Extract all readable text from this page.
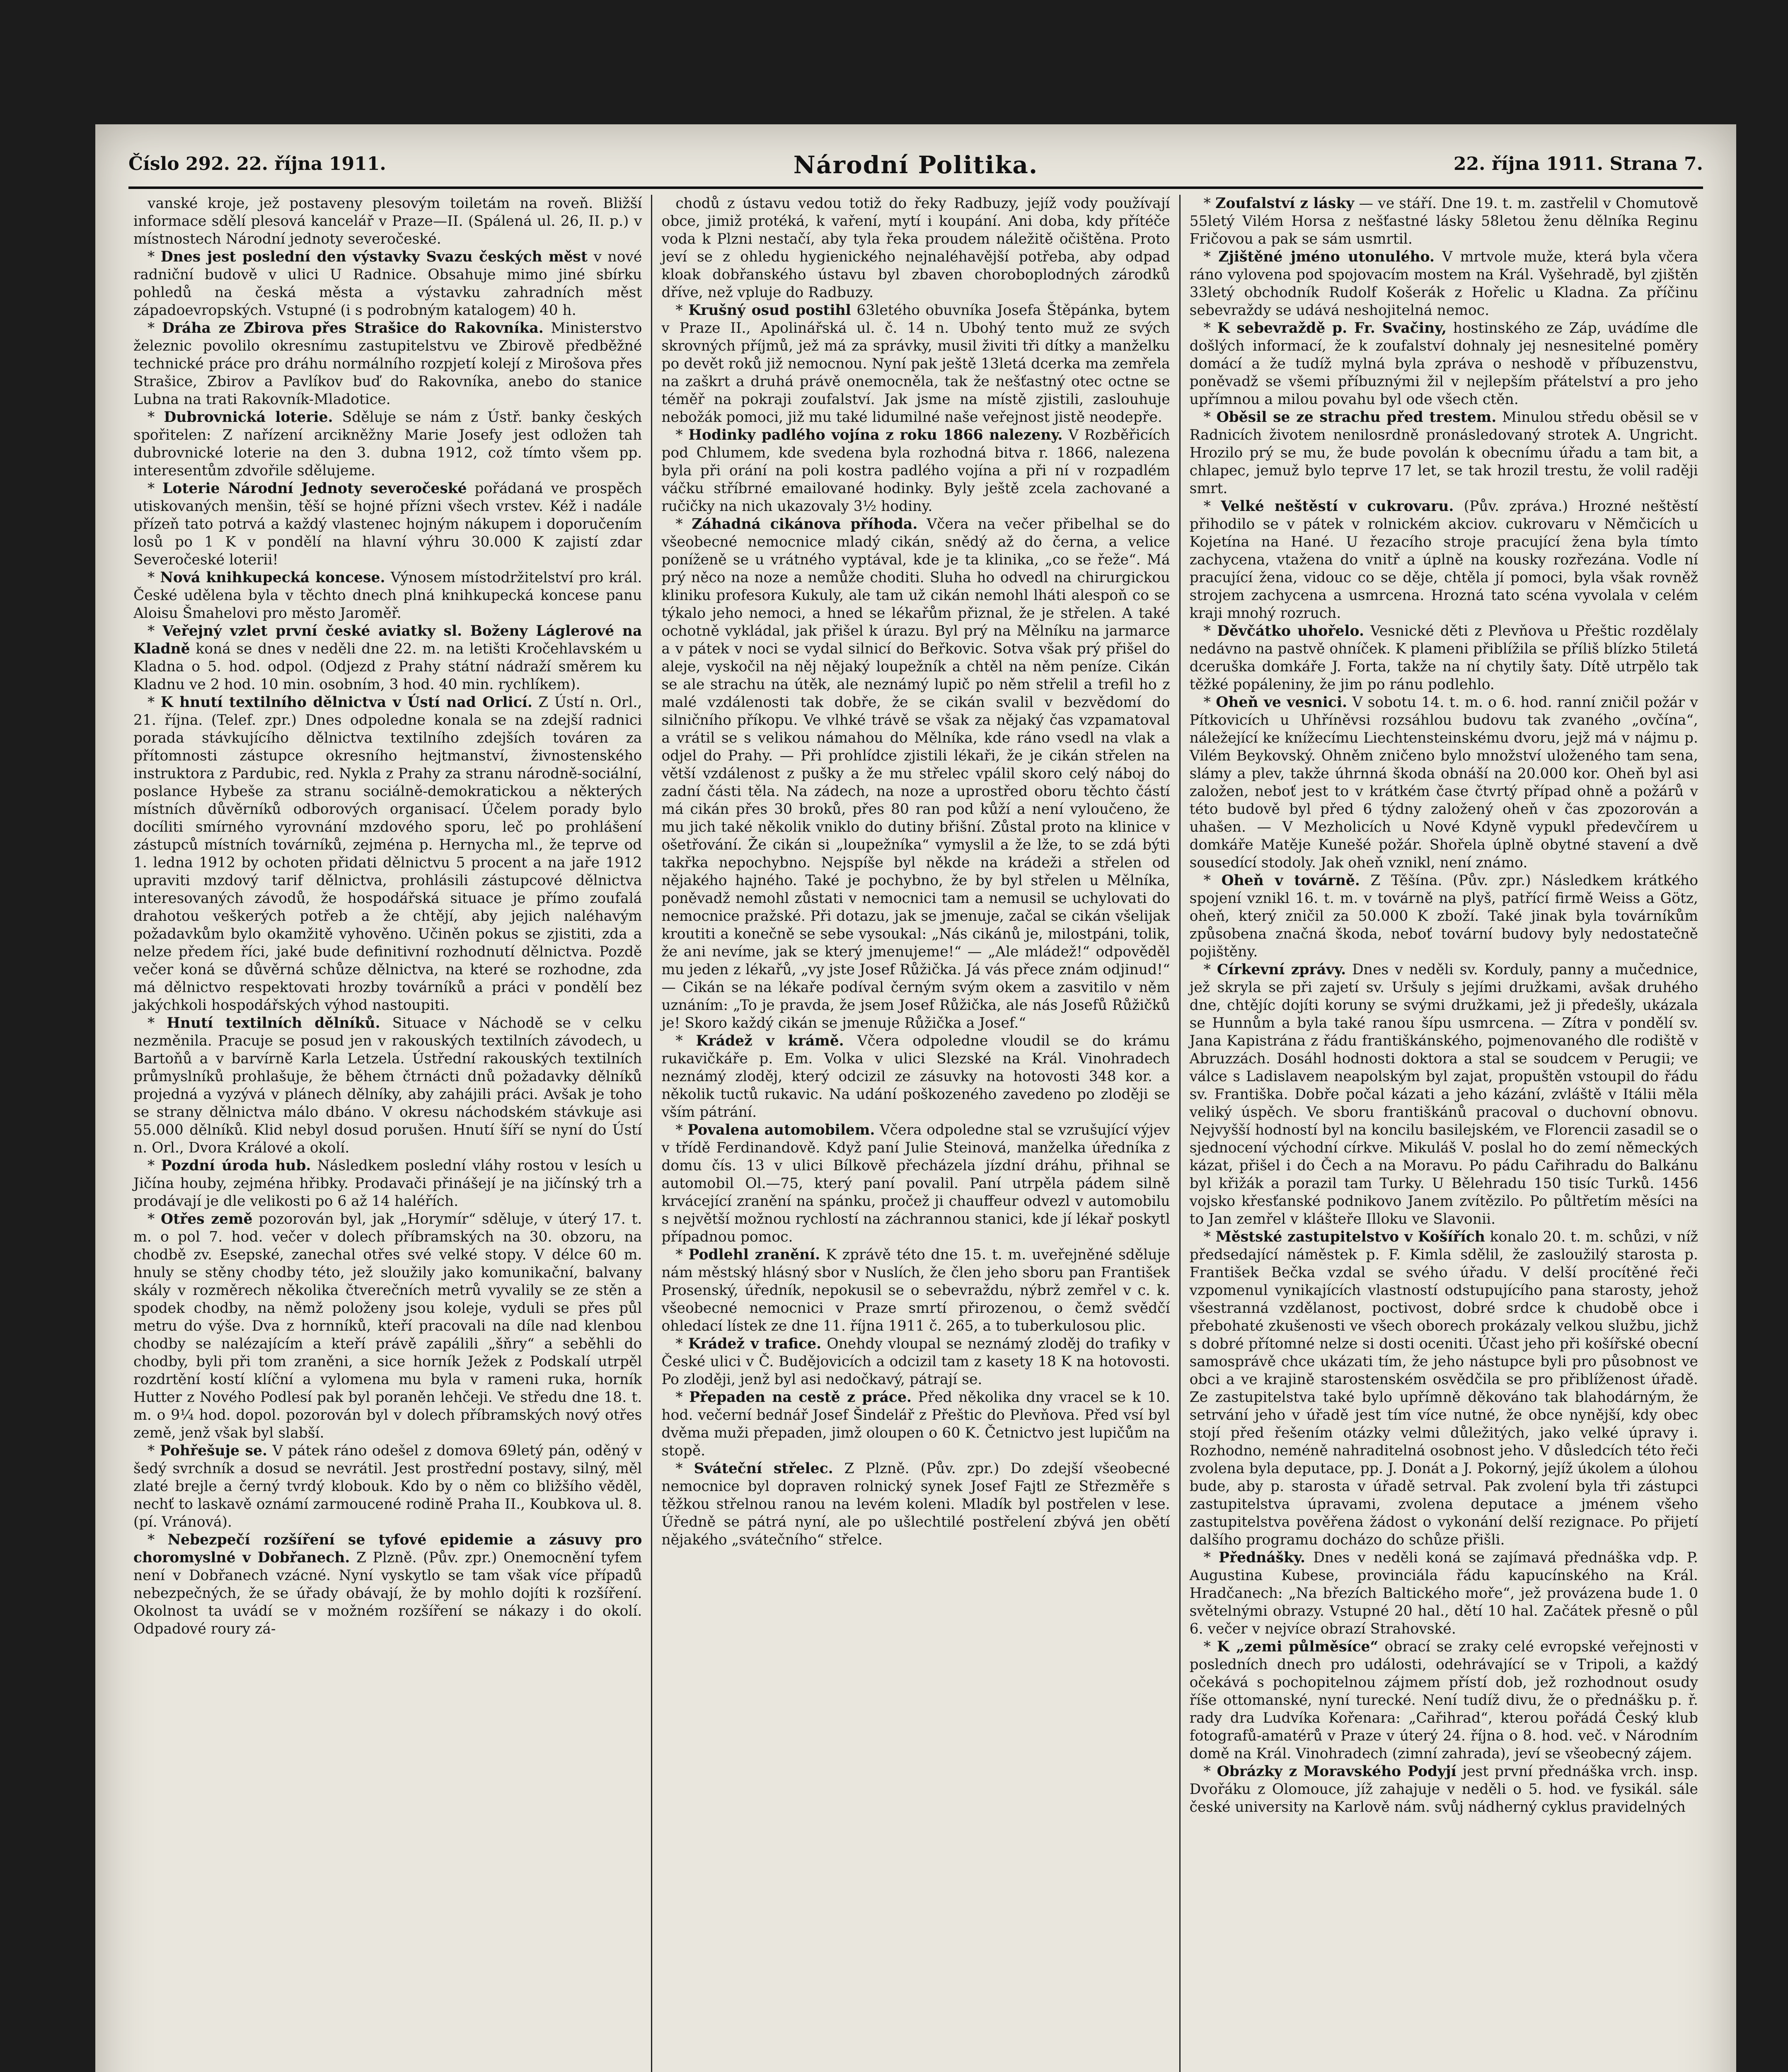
Číslo 292. 22. října 1911.	Národní Politika.	22. října 1911. Strana 7.

vanské kroje, jež postaveny plesovým toiletám na roveň. Bližší informace sdělí plesová kancelář v Praze—II. (Spálená ul. 26, II. p.) v místnostech Národní jednoty severočeské.

* Dnes jest poslední den výstavky Svazu českých měst v nové radniční budově v ulici U Radnice. Obsahuje mimo jiné sbírku pohledů na česká města a výstavku zahradních měst západoevropských. Vstupné (i s podrobným katalogem) 40 h.

* Dráha ze Zbirova přes Strašice do Rakovníka. Ministerstvo železnic povolilo okresnímu zastupitelstvu ve Zbirově předběžné technické práce pro dráhu normálního rozpjetí kolejí z Mirošova přes Strašice, Zbirov a Pavlíkov buď do Rakovníka, anebo do stanice Lubna na trati Rakovník-Mladotice.

* Dubrovnická loterie. Sděluje se nám z Ústř. banky českých spořitelen: Z nařízení arcikněžny Marie Josefy jest odložen tah dubrovnické loterie na den 3. dubna 1912, což tímto všem pp. interesentům zdvořile sdělujeme.

* Loterie Národní Jednoty severočeské pořádaná ve prospěch utiskovaných menšin, těší se hojné přízni všech vrstev. Kéž i nadále přízeň tato potrvá a každý vlastenec hojným nákupem i doporučením losů po 1 K v pondělí na hlavní výhru 30.000 K zajistí zdar Severočeské loterii!

* Nová knihkupecká koncese. Výnosem místodržitelství pro král. České udělena byla v těchto dnech plná knihkupecká koncese panu Aloisu Šmahelovi pro město Jaroměř.

* Veřejný vzlet první české aviatky sl. Boženy Láglerové na Kladně koná se dnes v neděli dne 22. m. na letišti Kročehlavském u Kladna o 5. hod. odpol. (Odjezd z Prahy státní nádraží směrem ku Kladnu ve 2 hod. 10 min. osobním, 3 hod. 40 min. rychlíkem).

* K hnutí textilního dělnictva v Ústí nad Orlicí. Z Ústí n. Orl., 21. října. (Telef. zpr.) Dnes odpoledne konala se na zdejší radnici porada stávkujícího dělnictva textilního zdejších továren za přítomnosti zástupce okresního hejtmanství, živnostenského instruktora z Pardubic, red. Nykla z Prahy za stranu národně-sociální, poslance Hybeše za stranu sociálně-demokratickou a některých místních důvěrníků odborových organisací. Účelem porady bylo docíliti smírného vyrovnání mzdového sporu, leč po prohlášení zástupců místních továrníků, zejména p. Hernycha ml., že teprve od 1. ledna 1912 by ochoten přidati dělnictvu 5 procent a na jaře 1912 upraviti mzdový tarif dělnictva, prohlásili zástupcové dělnictva interesovaných závodů, že hospodářská situace je přímo zoufalá drahotou veškerých potřeb a že chtějí, aby jejich naléhavým požadavkům bylo okamžitě vyhověno. Učiněn pokus se zjistiti, zda a nelze předem říci, jaké bude definitivní rozhodnutí dělnictva. Pozdě večer koná se důvěrná schůze dělnictva, na které se rozhodne, zda má dělnictvo respektovati hrozby továrníků a práci v pondělí bez jakýchkoli hospodářských výhod nastoupiti.

* Hnutí textilních dělníků. Situace v Náchodě se v celku nezměnila. Pracuje se posud jen v rakouských textilních závodech, u Bartoňů a v barvírně Karla Letzela. Ústřední rakouských textilních průmyslníků prohlašuje, že během čtrnácti dnů požadavky dělníků projedná a vyzývá v plánech dělníky, aby zahájili práci. Avšak je toho se strany dělnictva málo dbáno. V okresu náchodském stávkuje asi 55.000 dělníků. Klid nebyl dosud porušen. Hnutí šíří se nyní do Ústí n. Orl., Dvora Králové a okolí.

* Pozdní úroda hub. Následkem poslední vláhy rostou v lesích u Jičína houby, zejména hřibky. Prodavači přinášejí je na jičínský trh a prodávají je dle velikosti po 6 až 14 haléřích.

* Otřes země pozorován byl, jak „Horymír“ sděluje, v úterý 17. t. m. o pol 7. hod. večer v dolech příbramských na 30. obzoru, na chodbě zv. Esepské, zanechal otřes své velké stopy. V délce 60 m. hnuly se stěny chodby této, jež sloužily jako komunikační, balvany skály v rozměrech několika čtverečních metrů vyvalily se ze stěn a spodek chodby, na němž položeny jsou koleje, vyduli se přes půl metru do výše. Dva z hornníků, kteří pracovali na díle nad klenbou chodby se nalézajícím a kteří právě zapálili „šňry“ a seběhli do chodby, byli při tom zraněni, a sice horník Ježek z Podskalí utrpěl rozdrtění kostí klíční a vylomena mu byla v rameni ruka, horník Hutter z Nového Podlesí pak byl poraněn lehčeji. Ve středu dne 18. t. m. o 9¼ hod. dopol. pozorován byl v dolech příbramských nový otřes země, jenž však byl slabší.

* Pohřešuje se. V pátek ráno odešel z domova 69letý pán, oděný v šedý svrchník a dosud se nevrátil. Jest prostřední postavy, silný, měl zlaté brejle a černý tvrdý klobouk. Kdo by o něm co bližšího věděl, nechť to laskavě oznámí zarmoucené rodině Praha II., Koubkova ul. 8. (pí. Vránová).

* Nebezpečí rozšíření se tyfové epidemie a zásuvy pro choromyslné v Dobřanech. Z Plzně. (Pův. zpr.) Onemocnění tyfem není v Dobřanech vzácné. Nyní vyskytlo se tam však více případů nebezpečných, že se úřady obávají, že by mohlo dojíti k rozšíření. Okolnost ta uvádí se v možném rozšíření se nákazy i do okolí. Odpadové roury zá-

chodů z ústavu vedou totiž do řeky Radbuzy, jejíž vody používají obce, jimiž protéká, k vaření, mytí i koupání. Ani doba, kdy přítéče voda k Plzni nestačí, aby tyla řeka proudem náležitě očištěna. Proto jeví se z ohledu hygienického nejnaléhavější potřeba, aby odpad kloak dobřanského ústavu byl zbaven choroboplodných zárodků dříve, než vpluje do Radbuzy.

* Krušný osud postihl 63letého obuvníka Josefa Štěpánka, bytem v Praze II., Apolinářská ul. č. 14 n. Ubohý tento muž ze svých skrovných příjmů, jež má za správky, musil živiti tři dítky a manželku po devět roků již nemocnou. Nyní pak ještě 13letá dcerka ma zemřela na zaškrt a druhá právě onemocněla, tak že nešťastný otec octne se téměř na pokraji zoufalství. Jak jsme na místě zjistili, zaslouhuje nebožák pomoci, již mu také lidumilné naše veřejnost jistě neodepře.

* Hodinky padlého vojína z roku 1866 nalezeny. V Rozběřicích pod Chlumem, kde svedena byla rozhodná bitva r. 1866, nalezena byla při orání na poli kostra padlého vojína a při ní v rozpadlém váčku stříbrné emailované hodinky. Byly ještě zcela zachované a ručičky na nich ukazovaly 3½ hodiny.

* Záhadná cikánova příhoda. Včera na večer přibelhal se do všeobecné nemocnice mladý cikán, snědý až do černa, a velice poníženě se u vrátného vyptával, kde je ta klinika, „co se řeže“. Má prý něco na noze a nemůže choditi. Sluha ho odvedl na chirurgickou kliniku profesora Kukuly, ale tam už cikán nemohl lháti alespoň co se týkalo jeho nemoci, a hned se lékařům přiznal, že je střelen. A také ochotně vykládal, jak přišel k úrazu. Byl prý na Mělníku na jarmarce a v pátek v noci se vydal silnicí do Beřkovic. Sotva však prý přišel do aleje, vyskočil na něj nějaký loupežník a chtěl na něm peníze. Cikán se ale strachu na útěk, ale neznámý lupič po něm střelil a trefil ho z malé vzdálenosti tak dobře, že se cikán svalil v bezvědomí do silničního příkopu. Ve vlhké trávě se však za nějaký čas vzpamatoval a vrátil se s velikou námahou do Mělníka, kde ráno vsedl na vlak a odjel do Prahy. — Při prohlídce zjistili lékaři, že je cikán střelen na větší vzdálenost z pušky a že mu střelec vpálil skoro celý náboj do zadní části těla. Na zádech, na noze a uprostřed oboru těchto částí má cikán přes 30 broků, přes 80 ran pod kůží a není vyloučeno, že mu jich také několik vniklo do dutiny břišní. Zůstal proto na klinice v ošetřování. Že cikán si „loupežníka“ vymyslil a že lže, to se zdá býti takřka nepochybno. Nejspíše byl někde na krádeži a střelen od nějakého hajného. Také je pochybno, že by byl střelen u Mělníka, poněvadž nemohl zůstati v nemocnici tam a nemusil se uchylovati do nemocnice pražské. Při dotazu, jak se jmenuje, začal se cikán všelijak kroutiti a konečně se sebe vysoukal: „Nás cikánů je, milostpáni, tolik, že ani nevíme, jak se který jmenujeme!“ — „Ale mládež!“ odpověděl mu jeden z lékařů, „vy jste Josef Růžička. Já vás přece znám odjinud!“ — Cikán se na lékaře podíval černým svým okem a zasvitilo v něm uznáním: „To je pravda, že jsem Josef Růžička, ale nás Josefů Růžičků je! Skoro každý cikán se jmenuje Růžička a Josef.“

* Krádež v krámě. Včera odpoledne vloudil se do krámu rukavičkáře p. Em. Volka v ulici Slezské na Král. Vinohradech neznámý zloděj, který odcizil ze zásuvky na hotovosti 348 kor. a několik tuctů rukavic. Na udání poškozeného zavedeno po zloději se vším pátrání.

* Povalena automobilem. Včera odpoledne stal se vzrušující výjev v třídě Ferdinandově. Když paní Julie Steinová, manželka úředníka z domu čís. 13 v ulici Bílkově přecházela jízdní dráhu, přihnal se automobil Ol.—75, který paní povalil. Paní utrpěla pádem silně krvácející zranění na spánku, pročež ji chauffeur odvezl v automobilu s největší možnou rychlostí na záchrannou stanici, kde jí lékař poskytl případnou pomoc.

* Podlehl zranění. K zprávě této dne 15. t. m. uveřejněné sděluje nám městský hlásný sbor v Nuslích, že člen jeho sboru pan František Prosenský, úředník, nepokusil se o sebevraždu, nýbrž zemřel v c. k. všeobecné nemocnici v Praze smrtí přirozenou, o čemž svědčí ohledací lístek ze dne 11. října 1911 č. 265, a to tuberkulosou plic.

* Krádež v trafice. Onehdy vloupal se neznámý zloděj do trafiky v České ulici v Č. Budějovicích a odcizil tam z kasety 18 K na hotovosti. Po zloději, jenž byl asi nedočkavý, pátrají se.

* Přepaden na cestě z práce. Před několika dny vracel se k 10. hod. večerní bednář Josef Šindelář z Přeštic do Plevňova. Před vsí byl dvěma muži přepaden, jimž oloupen o 60 K. Četnictvo jest lupičům na stopě.

* Sváteční střelec. Z Plzně. (Pův. zpr.) Do zdejší všeobecné nemocnice byl dopraven rolnický synek Josef Fajtl ze Střezměře s těžkou střelnou ranou na levém koleni. Mladík byl postřelen v lese. Úředně se pátrá nyní, ale po ušlechtilé postřelení zbývá jen obětí nějakého „svátečního“ střelce.

* Zoufalství z lásky — ve stáří. Dne 19. t. m. zastřelil v Chomutově 55letý Vilém Horsa z nešťastné lásky 58letou ženu dělníka Reginu Fričovou a pak se sám usmrtil.

* Zjištěné jméno utonulého. V mrtvole muže, která byla včera ráno vylovena pod spojovacím mostem na Král. Vyšehradě, byl zjištěn 33letý obchodník Rudolf Košerák z Hořelic u Kladna. Za příčinu sebevraždy se udává neshojitelná nemoc.

* K sebevraždě p. Fr. Svačiny, hostinského ze Záp, uvádíme dle došlých informací, že k zoufalství dohnaly jej nesnesitelné poměry domácí a že tudíž mylná byla zpráva o neshodě v příbuzenstvu, poněvadž se všemi příbuznými žil v nejlepším přátelství a pro jeho upřímnou a milou povahu byl ode všech ctěn.

* Oběsil se ze strachu před trestem. Minulou středu oběsil se v Radnicích životem nenilosrdně pronásledovaný strotek A. Ungricht. Hrozilo prý se mu, že bude povolán k obecnímu úřadu a tam bit, a chlapec, jemuž bylo teprve 17 let, se tak hrozil trestu, že volil raději smrt.

* Velké neštěstí v cukrovaru. (Pův. zpráva.) Hrozné neštěstí přihodilo se v pátek v rolnickém akciov. cukrovaru v Němčicích u Kojetína na Hané. U řezacího stroje pracující žena byla tímto zachycena, vtažena do vnitř a úplně na kousky rozřezána. Vodle ní pracující žena, vidouc co se děje, chtěla jí pomoci, byla však rovněž strojem zachycena a usmrcena. Hrozná tato scéna vyvolala v celém kraji mnohý rozruch.

* Děvčátko uhořelo. Vesnické děti z Plevňova u Přeštic rozdělaly nedávno na pastvě ohníček. K plameni přiblížila se příliš blízko 5tiletá dceruška domkáře J. Forta, takže na ní chytily šaty. Dítě utrpělo tak těžké popáleniny, že jim po ránu podlehlo.

* Oheň ve vesnici. V sobotu 14. t. m. o 6. hod. ranní zničil požár v Pítkovicích u Uhříněvsi rozsáhlou budovu tak zvaného „ovčína“, náležející ke knížecímu Liechtensteinskému dvoru, jejž má v nájmu p. Vilém Beykovský. Ohněm zničeno bylo množství uloženého tam sena, slámy a plev, takže úhrnná škoda obnáší na 20.000 kor. Oheň byl asi založen, neboť jest to v krátkém čase čtvrtý případ ohně a požárů v této budově byl před 6 týdny založený oheň v čas zpozorován a uhašen. — V Mezholicích u Nové Kdyně vypukl předevčírem u domkáře Matěje Kunešé požár. Shořela úplně obytné stavení a dvě sousedící stodoly. Jak oheň vznikl, není známo.

* Oheň v továrně. Z Těšína. (Pův. zpr.) Následkem krátkého spojení vznikl 16. t. m. v továrně na plyš, patřící firmě Weiss a Götz, oheň, který zničil za 50.000 K zboží. Také jinak byla továrníkům způsobena značná škoda, neboť tovární budovy byly nedostatečně pojištěny.

* Církevní zprávy. Dnes v neděli sv. Korduly, panny a mučednice, jež skryla se při zajetí sv. Uršuly s jejími družkami, avšak druhého dne, chtějíc dojíti koruny se svými družkami, jež ji předešly, ukázala se Hunnům a byla také ranou šípu usmrcena. — Zítra v pondělí sv. Jana Kapistrána z řádu františkánského, pojmenovaného dle rodiště v Abruzzách. Dosáhl hodnosti doktora a stal se soudcem v Perugii; ve válce s Ladislavem neapolským byl zajat, propuštěn vstoupil do řádu sv. Františka. Dobře počal kázati a jeho kázání, zvláště v Itálii měla veliký úspěch. Ve sboru františkánů pracoval o duchovní obnovu. Nejvyšší hodností byl na koncilu basilejském, ve Florencii zasadil se o sjednocení východní církve. Mikuláš V. poslal ho do zemí německých kázat, přišel i do Čech a na Moravu. Po pádu Cařihradu do Balkánu byl křižák a porazil tam Turky. U Bělehradu 150 tisíc Turků. 1456 vojsko křesťanské podnikovo Janem zvítězilo. Po půltřetím měsíci na to Jan zemřel v klášteře Illoku ve Slavonii.

* Městské zastupitelstvo v Košířích konalo 20. t. m. schůzi, v níž předsedající náměstek p. F. Kimla sdělil, že zasloužilý starosta p. František Bečka vzdal se svého úřadu. V delší procítěné řeči vzpomenul vynikajících vlastností odstupujícího pana starosty, jehož všestranná vzdělanost, poctivost, dobré srdce k chudobě obce i přebohaté zkušenosti ve všech oborech prokázaly velkou službu, jichž s dobré přítomné nelze si dosti oceniti. Účast jeho při košířské obecní samosprávě chce ukázati tím, že jeho nástupce byli pro působnost ve obci a ve krajině starostenském osvědčila se pro přiblíženost úřadě. Ze zastupitelstva také bylo upřímně děkováno tak blahodárným, že setrvání jeho v úřadě jest tím více nutné, že obce nynější, kdy obec stojí před řešením otázky velmi důležitých, jako velké úpravy i. Rozhodno, neméně nahraditelná osobnost jeho. V důsledcích této řeči zvolena byla deputace, pp. J. Donát a J. Pokorný, jejíž úkolem a úlohou bude, aby p. starosta v úřadě setrval. Pak zvolení byla tři zástupci zastupitelstva úpravami, zvolena deputace a jménem všeho zastupitelstva pověřena žádost o vykonání delší rezignace. Po přijetí dalšího programu docházo do schůze přišli.

* Přednášky. Dnes v neděli koná se zajímavá přednáška vdp. P. Augustina Kubese, provinciála řádu kapucínského na Král. Hradčanech: „Na březích Baltického moře“, jež provázena bude 1. 0 světelnými obrazy. Vstupné 20 hal., dětí 10 hal. Začátek přesně o půl 6. večer v nejvíce obrazí Strahovské.

* K „zemi půlměsíce“ obrací se zraky celé evropské veřejnosti v posledních dnech pro události, odehrávající se v Tripoli, a každý očekává s pochopitelnou zájmem přístí dob, jež rozhodnout osudy říše ottomanské, nyní turecké. Není tudíž divu, že o přednášku p. ř. rady dra Ludvíka Kořenara: „Cařihrad“, kterou pořádá Český klub fotografů-amatérů v Praze v úterý 24. října o 8. hod. več. v Národním domě na Král. Vinohradech (zimní zahrada), jeví se všeobecný zájem.

* Obrázky z Moravského Podyjí jest první přednáška vrch. insp. Dvořáku z Olomouce, jíž zahajuje v neděli o 5. hod. ve fysikál. sále české university na Karlově nám. svůj nádherný cyklus pravidelných
